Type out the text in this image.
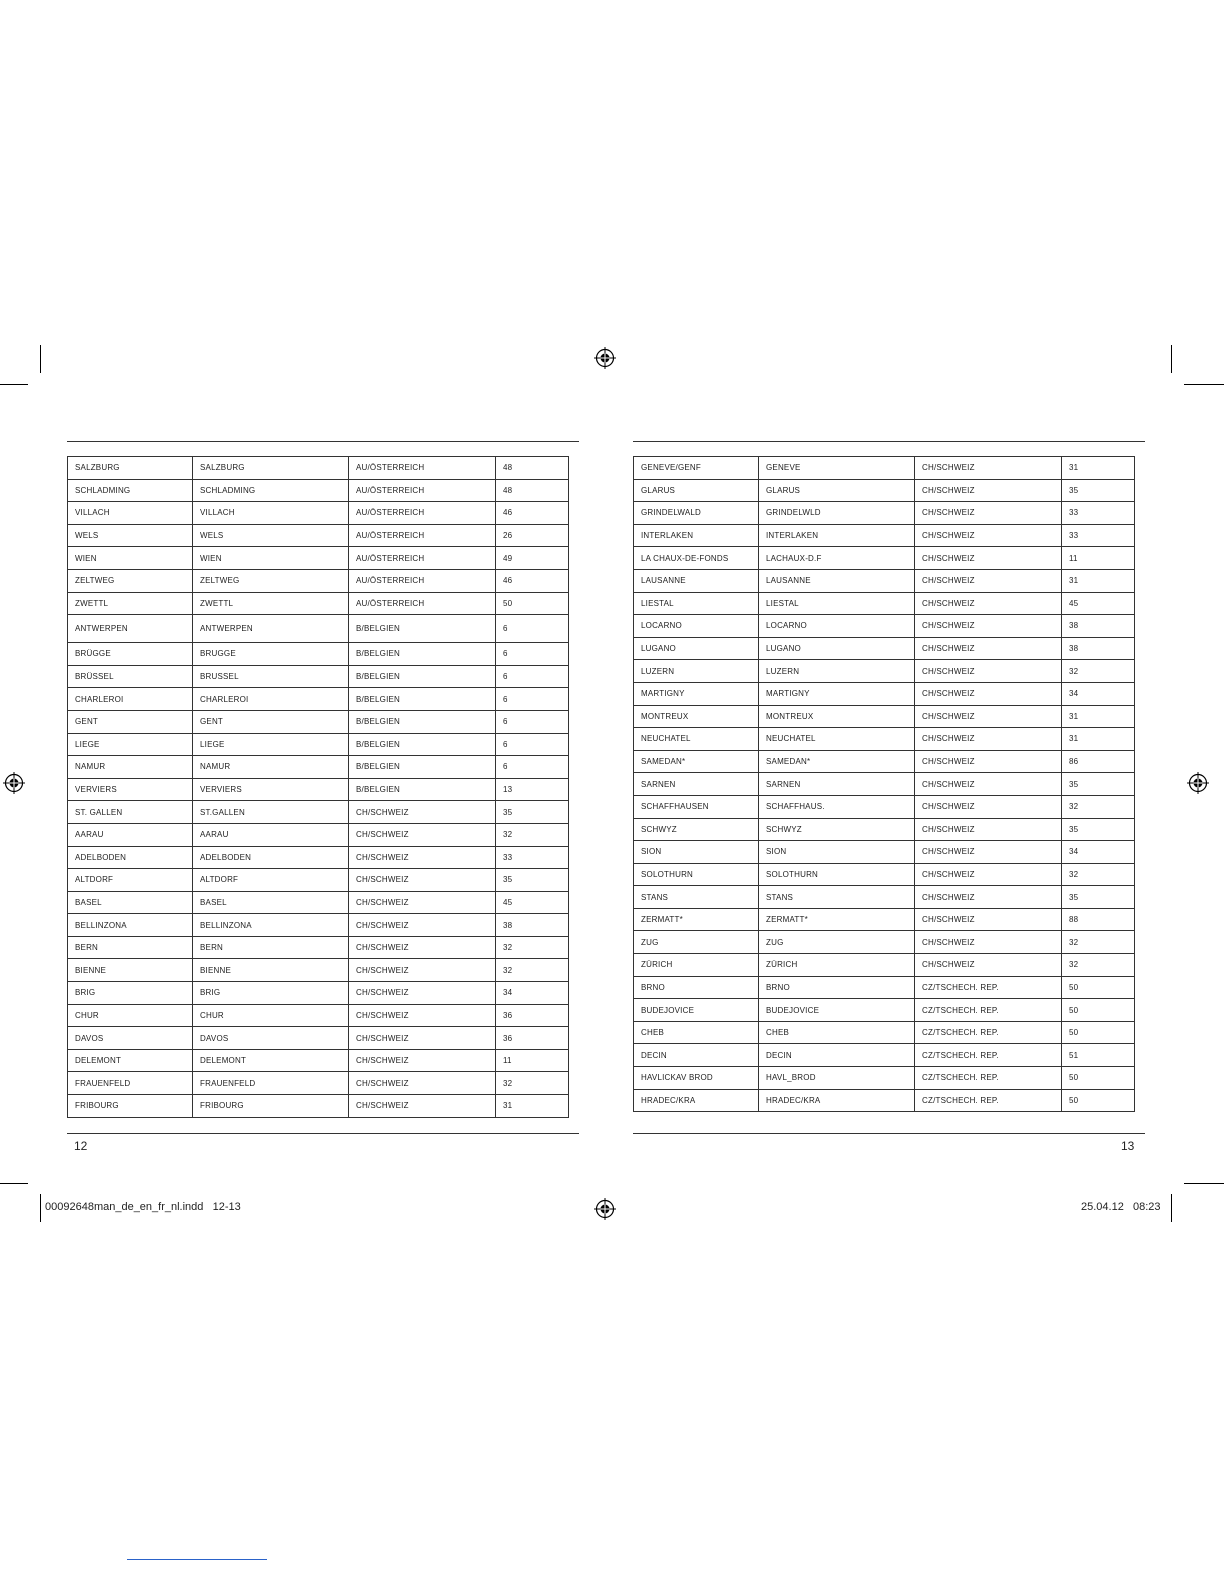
SALZBURG	SALZBURG	AU/ÖSTERREICH	48
SCHLADMING	SCHLADMING	AU/ÖSTERREICH	48
VILLACH	VILLACH	AU/ÖSTERREICH	46
WELS	WELS	AU/ÖSTERREICH	26
WIEN	WIEN	AU/ÖSTERREICH	49
ZELTWEG	ZELTWEG	AU/ÖSTERREICH	46
ZWETTL	ZWETTL	AU/ÖSTERREICH	50
ANTWERPEN	ANTWERPEN	B/BELGIEN	6
BRÜGGE	BRUGGE	B/BELGIEN	6
BRÜSSEL	BRUSSEL	B/BELGIEN	6
CHARLEROI	CHARLEROI	B/BELGIEN	6
GENT	GENT	B/BELGIEN	6
LIEGE	LIEGE	B/BELGIEN	6
NAMUR	NAMUR	B/BELGIEN	6
VERVIERS	VERVIERS	B/BELGIEN	13
ST. GALLEN	ST.GALLEN	CH/SCHWEIZ	35
AARAU	AARAU	CH/SCHWEIZ	32
ADELBODEN	ADELBODEN	CH/SCHWEIZ	33
ALTDORF	ALTDORF	CH/SCHWEIZ	35
BASEL	BASEL	CH/SCHWEIZ	45
BELLINZONA	BELLINZONA	CH/SCHWEIZ	38
BERN	BERN	CH/SCHWEIZ	32
BIENNE	BIENNE	CH/SCHWEIZ	32
BRIG	BRIG	CH/SCHWEIZ	34
CHUR	CHUR	CH/SCHWEIZ	36
DAVOS	DAVOS	CH/SCHWEIZ	36
DELEMONT	DELEMONT	CH/SCHWEIZ	11
FRAUENFELD	FRAUENFELD	CH/SCHWEIZ	32
FRIBOURG	FRIBOURG	CH/SCHWEIZ	31
GENEVE/GENF	GENEVE	CH/SCHWEIZ	31
GLARUS	GLARUS	CH/SCHWEIZ	35
GRINDELWALD	GRINDELWLD	CH/SCHWEIZ	33
INTERLAKEN	INTERLAKEN	CH/SCHWEIZ	33
LA CHAUX-DE-FONDS	LACHAUX-D.F	CH/SCHWEIZ	11
LAUSANNE	LAUSANNE	CH/SCHWEIZ	31
LIESTAL	LIESTAL	CH/SCHWEIZ	45
LOCARNO	LOCARNO	CH/SCHWEIZ	38
LUGANO	LUGANO	CH/SCHWEIZ	38
LUZERN	LUZERN	CH/SCHWEIZ	32
MARTIGNY	MARTIGNY	CH/SCHWEIZ	34
MONTREUX	MONTREUX	CH/SCHWEIZ	31
NEUCHATEL	NEUCHATEL	CH/SCHWEIZ	31
SAMEDAN*	SAMEDAN*	CH/SCHWEIZ	86
SARNEN	SARNEN	CH/SCHWEIZ	35
SCHAFFHAUSEN	SCHAFFHAUS.	CH/SCHWEIZ	32
SCHWYZ	SCHWYZ	CH/SCHWEIZ	35
SION	SION	CH/SCHWEIZ	34
SOLOTHURN	SOLOTHURN	CH/SCHWEIZ	32
STANS	STANS	CH/SCHWEIZ	35
ZERMATT*	ZERMATT*	CH/SCHWEIZ	88
ZUG	ZUG	CH/SCHWEIZ	32
ZÜRICH	ZÜRICH	CH/SCHWEIZ	32
BRNO	BRNO	CZ/TSCHECH. REP.	50
BUDEJOVICE	BUDEJOVICE	CZ/TSCHECH. REP.	50
CHEB	CHEB	CZ/TSCHECH. REP.	50
DECIN	DECIN	CZ/TSCHECH. REP.	51
HAVLICKAV BROD	HAVL_BROD	CZ/TSCHECH. REP.	50
HRADEC/KRA	HRADEC/KRA	CZ/TSCHECH. REP.	50
12	13
00092648man_de_en_fr_nl.indd   12-13	25.04.12   08:23
